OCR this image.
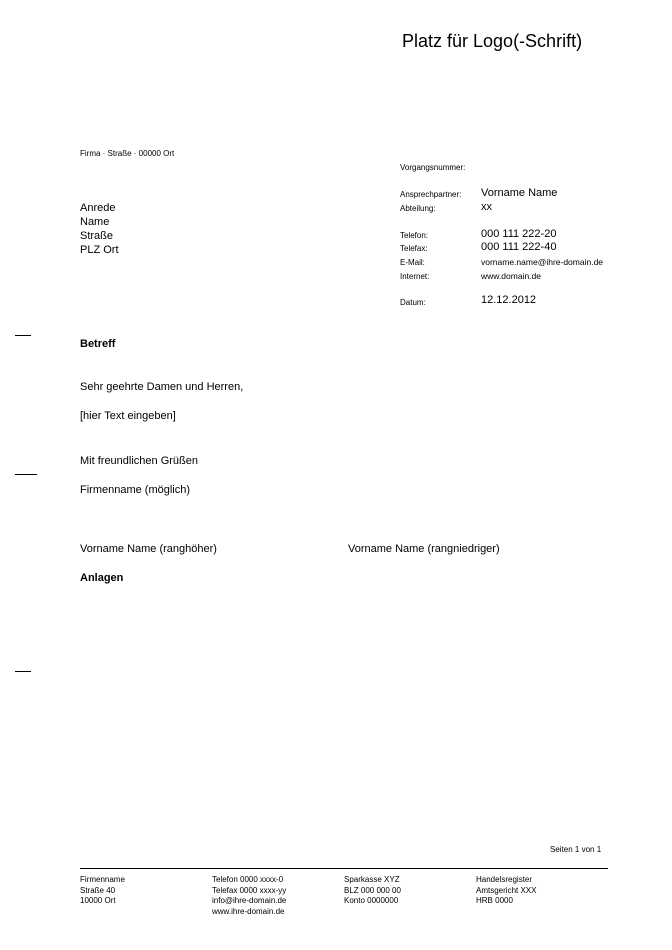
Platz für Logo(-Schrift)
Firma · Straße · 00000 Ort
Anrede
Name
Straße
PLZ Ort
Vorgangsnummer:
Ansprechpartner: Vorname Name
Abteilung:	xx
Telefon:	000 111 222-20
Telefax:	000 111 222-40
E-Mail:	vorname.name@ihre-domain.de
Internet:	www.domain.de
Datum:	12.12.2012
Betreff
Sehr geehrte Damen und Herren,
[hier Text eingeben]
Mit freundlichen Grüßen
Firmenname (möglich)
Vorname Name (ranghöher)	Vorname Name (rangniedriger)
Anlagen
Seiten 1 von 1
Firmenname
Straße 40
10000 Ort
Telefon 0000 xxxx-0
Telefax 0000 xxxx-yy
info@ihre-domain.de
www.ihre-domain.de
Sparkasse XYZ
BLZ 000 000 00
Konto 0000000
Handelsregister
Amtsgericht XXX
HRB 0000
